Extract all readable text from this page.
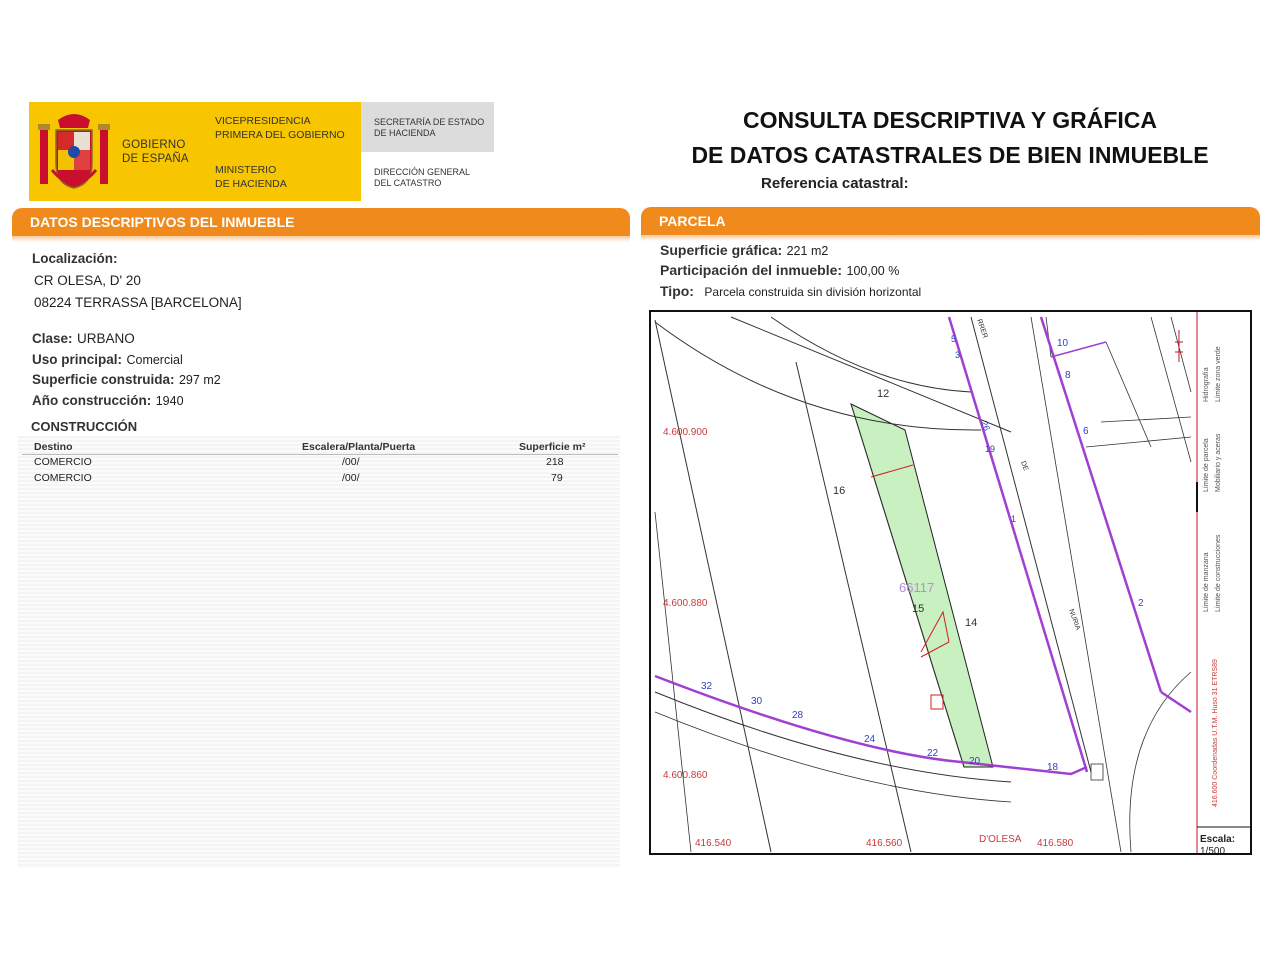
GOBIERNO
DE ESPAÑA
VICEPRESIDENCIA
PRIMERA DEL GOBIERNO
MINISTERIO
DE HACIENDA
SECRETARÍA DE ESTADO
DE HACIENDA
DIRECCIÓN GENERAL
DEL CATASTRO
CONSULTA DESCRIPTIVA Y GRÁFICA
DE DATOS CATASTRALES DE BIEN INMUEBLE
Referencia catastral:
DATOS DESCRIPTIVOS DEL INMUEBLE	PARCELA
Localización:
CR OLESA, D' 20
08224 TERRASSA [BARCELONA]
Clase: URBANO
Uso principal: Comercial
Superficie construida: 297 m2
Año construcción: 1940
CONSTRUCCIÓN
Destino	Escalera/Planta/Puerta	Superficie m²
COMERCIO	/00/	218
COMERCIO	/00/	79
Superficie gráfica: 221 m2
Participación del inmueble: 100,00 %
Tipo: Parcela construida sin división horizontal
Límite de manzana
Límite de parcela
Hidrografía
Límite de construcciones
Mobiliario y aceras
Límite zona verde
416.600 Coordenadas U.T.M. Huso 31 ETRS89
Escala:
1/500
4.600.900
4.600.880
4.600.860
416.540	416.560	416.580
D'OLESA
66117
12
16
15
14
32
30
28
24
22
20
18
10
8
6
2
5
3
26
19
1
RRER
DE
NURIA
